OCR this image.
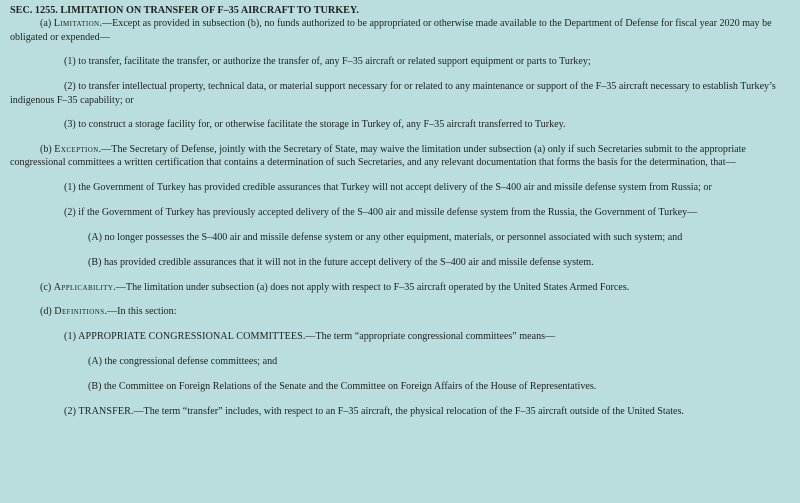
SEC. 1255. LIMITATION ON TRANSFER OF F–35 AIRCRAFT TO TURKEY.

(a) Limitation.—Except as provided in subsection (b), no funds authorized to be appropriated or otherwise made available to the Department of Defense for fiscal year 2020 may be obligated or expended—

(1) to transfer, facilitate the transfer, or authorize the transfer of, any F–35 aircraft or related support equipment or parts to Turkey;

(2) to transfer intellectual property, technical data, or material support necessary for or related to any maintenance or support of the F–35 aircraft necessary to establish Turkey’s indigenous F–35 capability; or

(3) to construct a storage facility for, or otherwise facilitate the storage in Turkey of, any F–35 aircraft transferred to Turkey.

(b) Exception.—The Secretary of Defense, jointly with the Secretary of State, may waive the limitation under subsection (a) only if such Secretaries submit to the appropriate congressional committees a written certification that contains a determination of such Secretaries, and any relevant documentation that forms the basis for the determination, that—

(1) the Government of Turkey has provided credible assurances that Turkey will not accept delivery of the S–400 air and missile defense system from Russia; or

(2) if the Government of Turkey has previously accepted delivery of the S–400 air and missile defense system from the Russia, the Government of Turkey—

(A) no longer possesses the S–400 air and missile defense system or any other equipment, materials, or personnel associated with such system; and

(B) has provided credible assurances that it will not in the future accept delivery of the S–400 air and missile defense system.

(c) Applicability.—The limitation under subsection (a) does not apply with respect to F–35 aircraft operated by the United States Armed Forces.

(d) Definitions.—In this section:

(1) APPROPRIATE CONGRESSIONAL COMMITTEES.—The term “appropriate congressional committees” means—

(A) the congressional defense committees; and

(B) the Committee on Foreign Relations of the Senate and the Committee on Foreign Affairs of the House of Representatives.

(2) TRANSFER.—The term “transfer” includes, with respect to an F–35 aircraft, the physical relocation of the F–35 aircraft outside of the United States.
